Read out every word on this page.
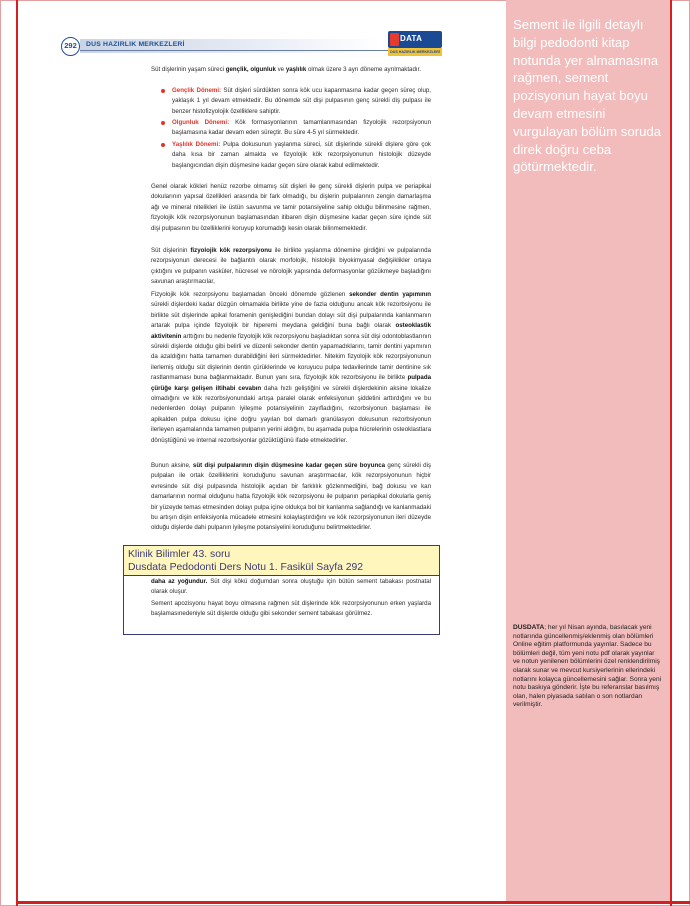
Sement ile ilgili detaylı bilgi pedodonti kitap notunda yer almamasına rağmen, sement pozisyonun hayat boyu devam etmesini vurgulayan bölüm soruda direk doğru ceba götürmektedir.
DUSDATA; her yıl Nisan ayında, basılacak yeni notlarında güncellenmiş/eklenmiş olan bölümleri Online eğitim platformunda yayınlar. Sadece bu bölümleri değil, tüm yeni notu pdf olarak yayınlar ve notun yenilenen bölümlerini özel renklendirilmiş olarak sunar ve mevcut kursiyerlerinin ellerindeki notlarını kolayca güncellemesini sağlar. Sonra yeni notu baskıya gönderir. İşte bu referanslar basılmış olan, halen piyasada satılan o son notlardan verilmiştir.
292	DUS HAZIRLIK MERKEZLERİ
DATA
DUS HAZIRLIK MERKEZLERİ
Süt dişlerinin yaşam süreci gençlik, olgunluk ve yaşlılık olmak üzere 3 ayrı döneme ayrılmaktadır.
Gençlik Dönemi: Süt dişleri sürdükten sonra kök ucu kapanmasına kadar geçen süreç olup, yaklaşık 1 yıl devam etmektedir. Bu dönemde süt dişi pulpasının genç sürekli diş pulpası ile benzer histofizyolojik özelliklere sahiptir.
Olgunluk Dönemi: Kök formasyonlarının tamamlanmasından fizyolojik rezorpsiyonun başlamasına kadar devam eden süreçtir. Bu süre 4-5 yıl sürmektedir.
Yaşlılık Dönemi: Pulpa dokusunun yaşlanma süreci, süt dişlerinde sürekli dişlere göre çok daha kısa bir zaman almakta ve fizyolojik kök rezorpsiyonunun histolojik düzeyde başlangıcından dişin düşmesine kadar geçen süre olarak kabul edilmektedir.
Genel olarak kökleri henüz rezorbe olmamış süt dişleri ile genç sürekli dişlerin pulpa ve periapikal dokularının yapısal özellikleri arasında bir fark olmadığı, bu dişlerin pulpalarının zengin damarlaşma ağı ve mineral nitelikleri ile üstün savunma ve tamir potansiyeline sahip olduğu bilinmesine rağmen, fizyolojik kök rezorpsiyonunun başlamasından itibaren dişin düşmesine kadar geçen süre içinde süt dişi pulpasının bu özelliklerini koruyup korumadığı kesin olarak bilinmemektedir.
Süt dişlerinin fizyolojik kök rezorpsiyonu ile birlikte yaşlanma dönemine girdiğini ve pulpalarında rezorpsiyonun derecesi ile bağlantılı olarak morfolojik, histolojik biyokimyasal değişiklikler ortaya çıktığını ve pulpanın vasküler, hücresel ve nörolojik yapısında deformasyonlar gözükmeye başladığını savunan araştırmacılar,
Fizyolojik kök rezorpsiyonu başlamadan önceki dönemde gözlenen sekonder dentin yapımının sürekli dişlerdeki kadar düzgün olmamakla birlikte yine de fazla olduğunu ancak kök rezorbsiyonu ile birlikte süt dişlerinde apikal foramenin genişlediğini bundan dolayı süt dişi pulpalarında kanlanmanın artarak pulpa içinde fizyolojik bir hiperemi meydana geldiğini buna bağlı olarak osteoklastik aktivitenin arttığını bu nedenle fizyolojik kök rezorpsiyonu başladıktan sonra süt dişi odontoblastlarının sürekli dişlerde olduğu gibi belirli ve düzenli sekonder dentin yapamadıklarını, tamir dentini yapımının da azaldığını hatta tamamen durabildiğini ileri sürmektedirler. Nitekim fizyolojik kök rezorpsiyonunun ilerlemiş olduğu süt dişlerinin dentin çürüklerinde ve koruyucu pulpa tedavilerinde tamir dentinine sık rastlanmaması buna bağlanmaktadır. Bunun yanı sıra, fizyolojik kök rezorbsiyonu ile birlikte pulpada çürüğe karşı gelişen iltihabi cevabın daha hızlı geliştiğini ve sürekli dişlerdekinin aksine lokalize olmadığını ve kök rezorbsiyonundaki artışa paralel olarak enfeksiyonun şiddetini arttırdığını ve bu nedenlerden dolayı pulpanın iyileşme potansiyelinin zayıfladığını, rezorbsiyonun başlaması ile apikalden pulpa dokusu içine doğru yayılan bol damarlı granülasyon dokusunun rezorbsiyonun ilerleyen aşamalarında tamamen pulpanın yerini aldığını, bu aşamada pulpa hücrelerinin osteoklastlara dönüştüğünü ve internal rezorbsiyonlar gözüktüğünü ifade etmektedirler.
Bunun aksine, süt dişi pulpalarının dişin düşmesine kadar geçen süre boyunca genç sürekli diş pulpaları ile ortak özelliklerini koruduğunu savunan araştırmacılar, kök rezorpsiyonunun hiçbir evresinde süt dişi pulpasında histolojik açıdan bir farklılık gözlenmediğini, bağ dokusu ve kan damarlarının normal olduğunu hatta fizyolojik kök rezorpsiyonu ile pulpanın periapikal dokularla geniş bir yüzeyde temas etmesinden dolayı pulpa içine oldukça bol bir kanlanma sağlandığı ve kanlanmadaki bu artışın dişin enfeksiyonla mücadele etmesini kolaylaştırdığını ve kök rezorpsiyonunun ileri düzeyde olduğu dişlerde dahi pulpanın iyileşme potansiyelini koruduğunu belirtmektedirler.
Klinik Bilimler 43. soru
Dusdata Pedodonti Ders Notu 1. Fasikül Sayfa 292
daha az yoğundur. Süt dişi kökü doğumdan sonra oluştuğu için bütün sement tabakası postnatal olarak oluşur.
Sement apozisyonu hayat boyu olmasına rağmen süt dişlerinde kök rezorpsiyonunun erken yaşlarda başlamasınedeniyle süt dişlerde olduğu gibi sekonder sement tabakası görülmez.
